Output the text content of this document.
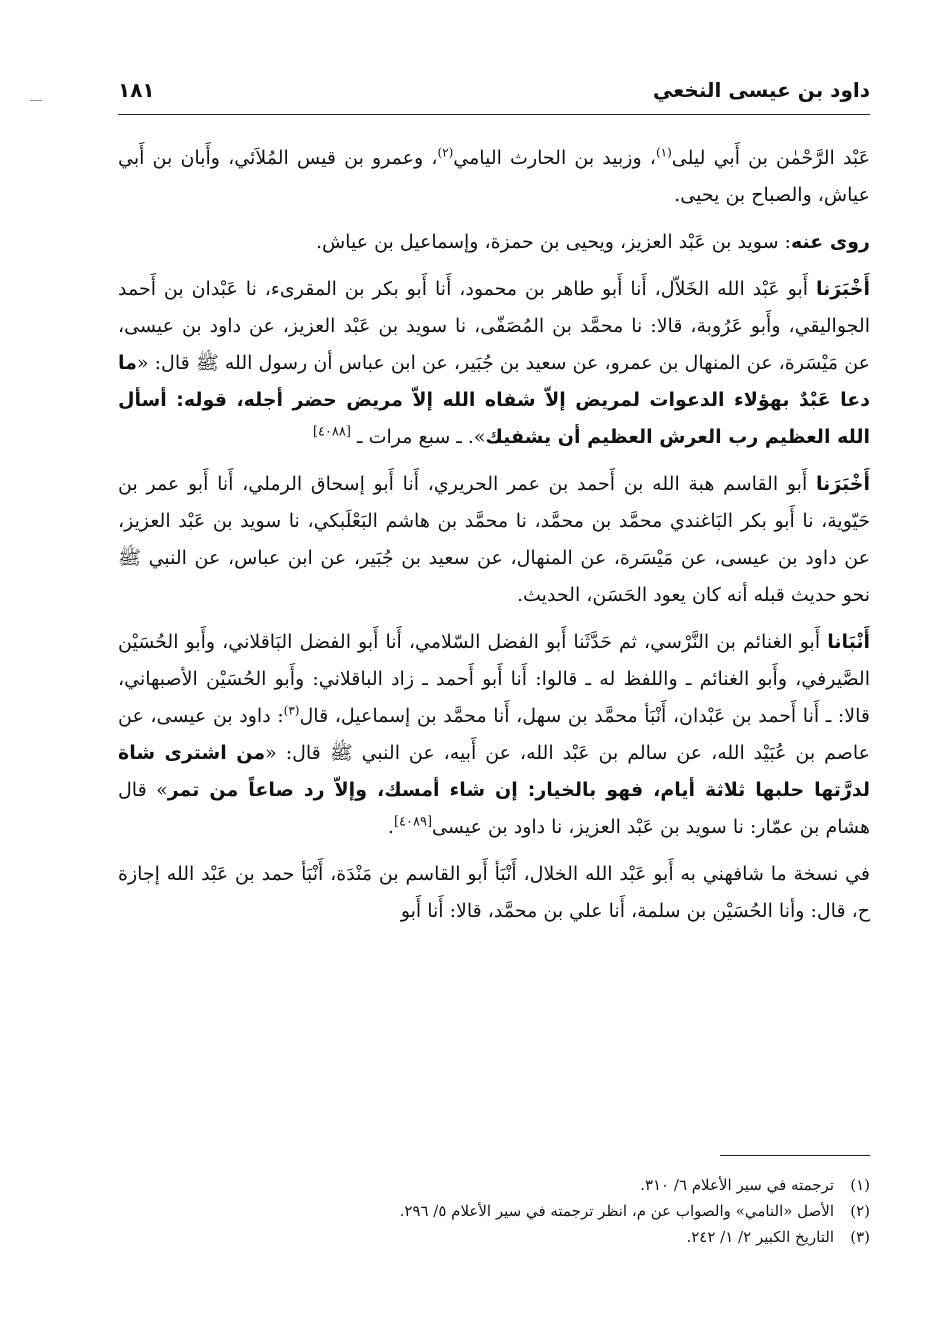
داود بن عيسى النخعي
١٨١

عَبْد الرَّحْمٰن بن أَبي ليلى$^{(١)}$، وزبيد بن الحارث اليامي$^{(٢)}$، وعمرو بن قيس المُلاَئي، وأَبان بن أَبي عياش، والصباح بن يحيى.

روى عنه: سويد بن عَبْد العزيز، ويحيى بن حمزة، وإسماعيل بن عياش.

أَخْبَرَنا أَبو عَبْد الله الخَلاّل، أَنا أَبو طاهر بن محمود، أَنا أَبو بكر بن المقرىء، نا عَبْدان بن أَحمد الجواليقي، وأَبو عَرُوبة، قالا: نا محمَّد بن المُصَفّى، نا سويد بن عَبْد العزيز، عن داود بن عيسى، عن مَيْسَرة، عن المنهال بن عمرو، عن سعيد بن جُبَير، عن ابن عباس أن رسول الله ﷺ قال: «ما دعا عَبْدٌ بهؤلاء الدعوات لمريض إلاّ شفاه الله إلاّ مريض حضر أجله، قوله: أسأل الله العظيم رب العرش العظيم أن يشفيك». ـ سبع مرات ـ [٤٠٨٨]

أَخْبَرَنا أَبو القاسم هبة الله بن أَحمد بن عمر الحريري، أَنا أَبو إسحاق الرملي، أَنا أَبو عمر بن حَيّوية، نا أَبو بكر البَاغندي محمَّد بن محمَّد، نا محمَّد بن هاشم البَعْلَبكي، نا سويد بن عَبْد العزيز، عن داود بن عيسى، عن مَيْسَرة، عن المنهال، عن سعيد بن جُبَير، عن ابن عباس، عن النبي ﷺ نحو حديث قبله أنه كان يعود الحَسَن، الحديث.

أَنْبَانا أَبو الغنائم بن النَّرْسي، ثم حَدَّثَنا أَبو الفضل السّلامي، أَنا أَبو الفضل البَاقلاني، وأَبو الحُسَيْن الصَّيرفي، وأَبو الغنائم ـ واللفظ له ـ قالوا: أَنا أَبو أَحمد ـ زاد الباقلاني: وأَبو الحُسَيْن الأصبهاني، قالا: ـ أَنا أَحمد بن عَبْدان، أَنْبَأ محمَّد بن سهل، أَنا محمَّد بن إسماعيل، قال$^{(٣)}$: داود بن عيسى، عن عاصم بن عُبَيْد الله، عن سالم بن عَبْد الله، عن أَبيه، عن النبي ﷺ قال: «من اشترى شاة لدرَّتها حلبها ثلاثة أيام، فهو بالخيار: إن شاء أمسك، وإلاّ رد صاعاً من تمر» قال هشام بن عمّار: نا سويد بن عَبْد العزيز، نا داود بن عيسى[٤٠٨٩].

في نسخة ما شافهني به أَبو عَبْد الله الخلال، أَنْبَأ أَبو القاسم بن مَنْدَة، أَنْبَأ حمد بن عَبْد الله إجازة ح، قال: وأنا الحُسَيْن بن سلمة، أَنا علي بن محمَّد، قالا: أَنا أَبو

(١)ترجمته في سير الأعلام ٦/ ٣١٠.
(٢)الأصل «النامي» والصواب عن م، انظر ترجمته في سير الأعلام ٥/ ٢٩٦.
(٣)التاريخ الكبير ٢/ ١/ ٢٤٢.
